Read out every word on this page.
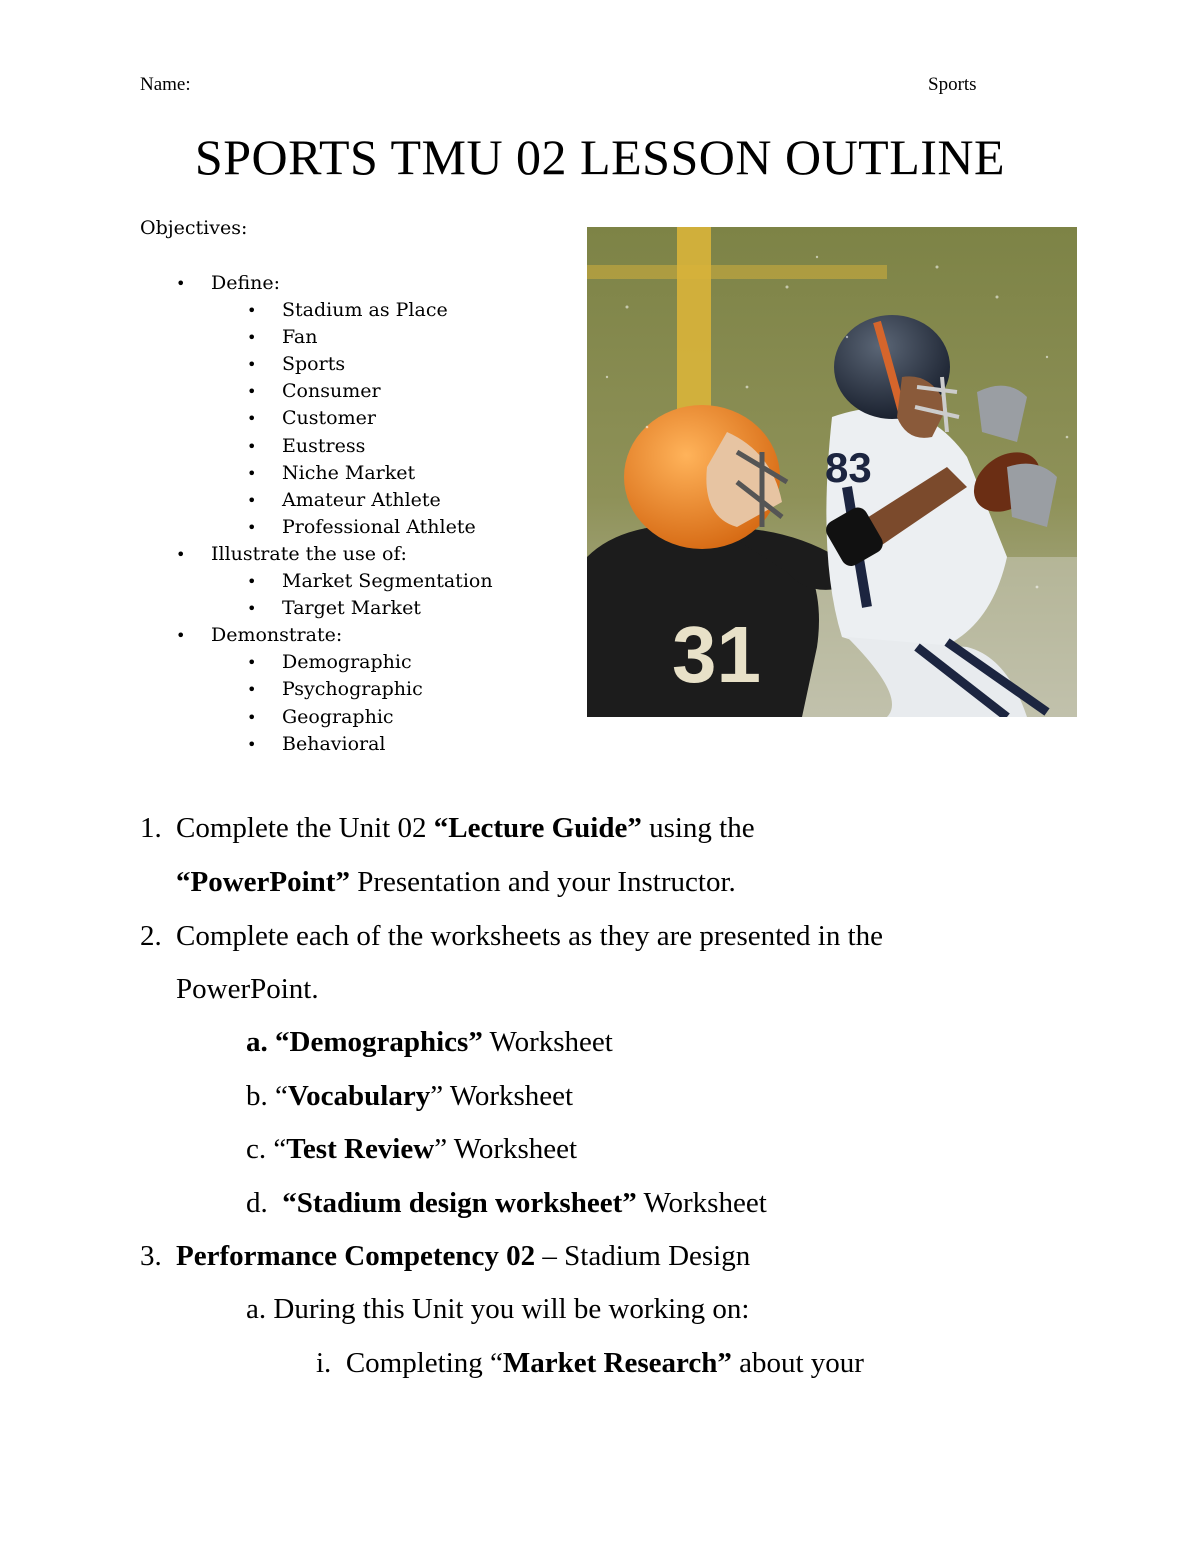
Name:	Sports
SPORTS TMU 02 LESSON OUTLINE
Objectives:
• Define:
• Stadium as Place
• Fan
• Sports
• Consumer
• Customer
• Eustress
• Niche Market
• Amateur Athlete
• Professional Athlete
• Illustrate the use of:
• Market Segmentation
• Target Market
• Demonstrate:
• Demographic
• Psychographic
• Geographic
• Behavioral
31
83
1. Complete the Unit 02 “Lecture Guide” using the
“PowerPoint” Presentation and your Instructor.
2. Complete each of the worksheets as they are presented in the
PowerPoint.
a. “Demographics” Worksheet
b. “Vocabulary” Worksheet
c. “Test Review” Worksheet
d. “Stadium design worksheet” Worksheet
3. Performance Competency 02 – Stadium Design
a. During this Unit you will be working on:
i. Completing “Market Research” about your
